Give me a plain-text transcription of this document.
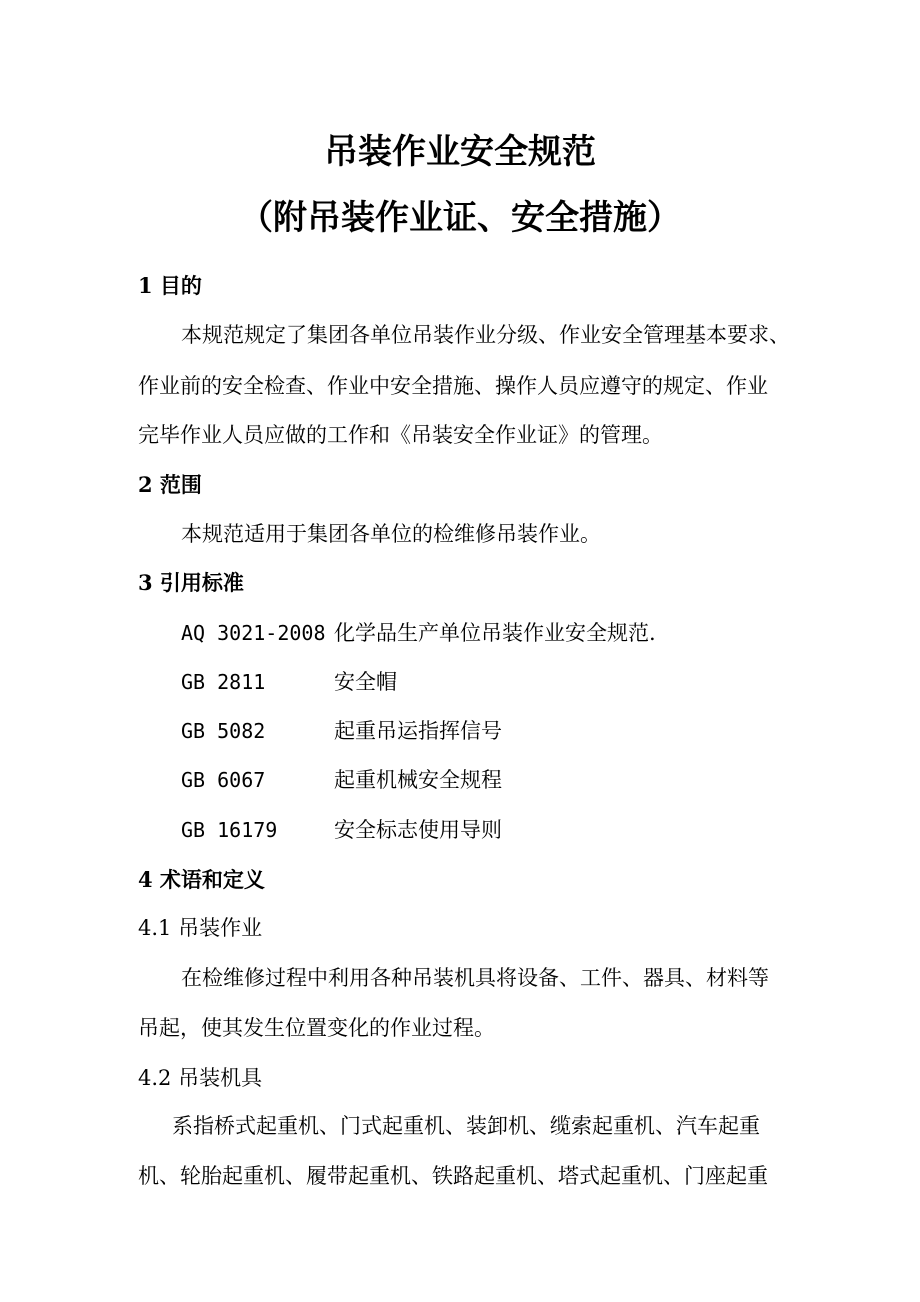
吊装作业安全规范
（附吊装作业证、安全措施）
1 目的
本规范规定了集团各单位吊装作业分级、作业安全管理基本要求、
作业前的安全检查、作业中安全措施、操作人员应遵守的规定、作业
完毕作业人员应做的工作和《吊装安全作业证》的管理。
2 范围
本规范适用于集团各单位的检维修吊装作业。
3 引用标准
AQ 3021-2008 化学品生产单位吊装作业安全规范.
GB 2811	安全帽
GB 5082	起重吊运指挥信号
GB 6067	起重机械安全规程
GB 16179	安全标志使用导则
4 术语和定义
4.1 吊装作业
在检维修过程中利用各种吊装机具将设备、工件、器具、材料等
吊起，使其发生位置变化的作业过程。
4.2 吊装机具
系指桥式起重机、门式起重机、装卸机、缆索起重机、汽车起重
机、轮胎起重机、履带起重机、铁路起重机、塔式起重机、门座起重
